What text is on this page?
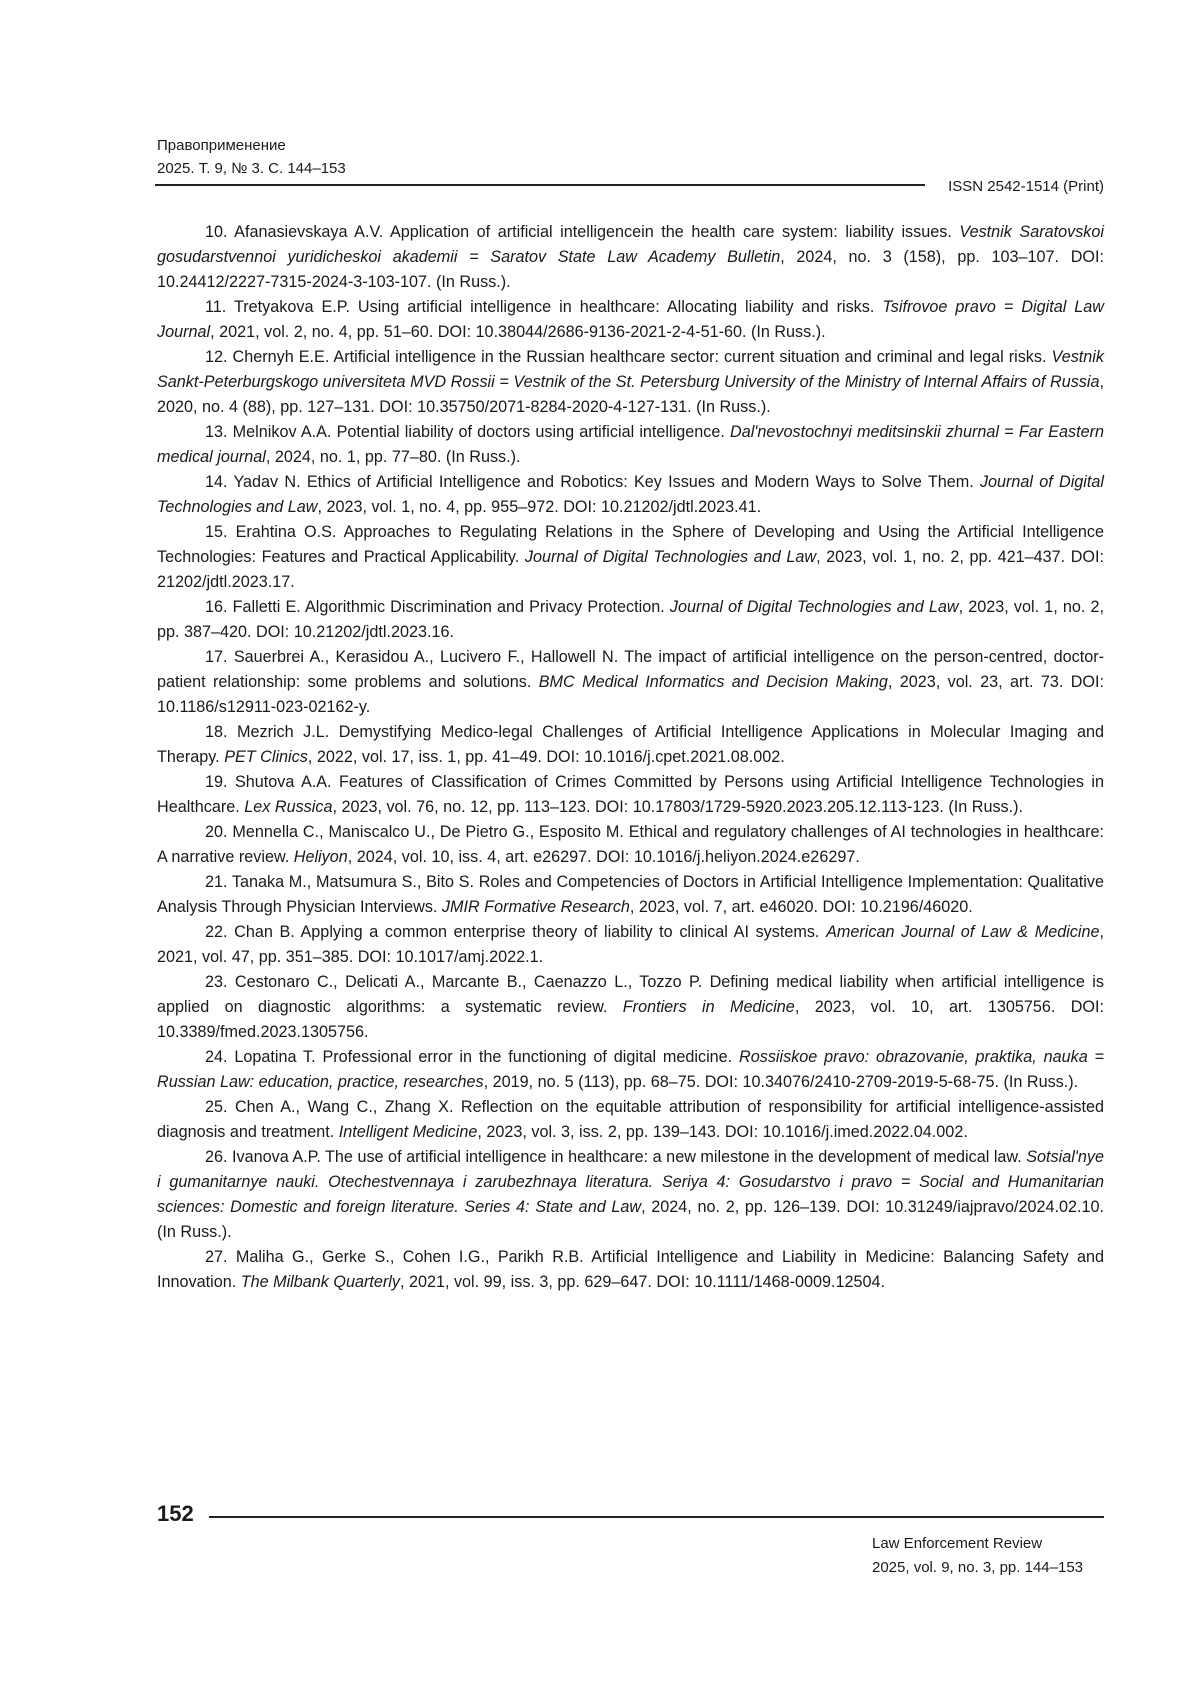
Правоприменение
2025. Т. 9, № 3. С. 144–153
ISSN 2542-1514 (Print)

10. Afanasievskaya A.V. Application of artificial intelligencein the health care system: liability issues. Vestnik Saratovskoi gosudarstvennoi yuridicheskoi akademii = Saratov State Law Academy Bulletin, 2024, no. 3 (158), pp. 103–107. DOI: 10.24412/2227-7315-2024-3-103-107. (In Russ.).

11. Tretyakova E.P. Using artificial intelligence in healthcare: Allocating liability and risks. Tsifrovoe pravo = Digital Law Journal, 2021, vol. 2, no. 4, pp. 51–60. DOI: 10.38044/2686-9136-2021-2-4-51-60. (In Russ.).

12. Chernyh E.E. Artificial intelligence in the Russian healthcare sector: current situation and criminal and legal risks. Vestnik Sankt-Peterburgskogo universiteta MVD Rossii = Vestnik of the St. Petersburg University of the Ministry of Internal Affairs of Russia, 2020, no. 4 (88), pp. 127–131. DOI: 10.35750/2071-8284-2020-4-127-131. (In Russ.).

13. Melnikov A.A. Potential liability of doctors using artificial intelligence. Dal'nevostochnyi meditsinskii zhurnal = Far Eastern medical journal, 2024, no. 1, pp. 77–80. (In Russ.).

14. Yadav N. Ethics of Artificial Intelligence and Robotics: Key Issues and Modern Ways to Solve Them. Journal of Digital Technologies and Law, 2023, vol. 1, no. 4, pp. 955–972. DOI: 10.21202/jdtl.2023.41.

15. Erahtina O.S. Approaches to Regulating Relations in the Sphere of Developing and Using the Artificial Intelligence Technologies: Features and Practical Applicability. Journal of Digital Technologies and Law, 2023, vol. 1, no. 2, pp. 421–437. DOI: 21202/jdtl.2023.17.

16. Falletti E. Algorithmic Discrimination and Privacy Protection. Journal of Digital Technologies and Law, 2023, vol. 1, no. 2, pp. 387–420. DOI: 10.21202/jdtl.2023.16.

17. Sauerbrei A., Kerasidou A., Lucivero F., Hallowell N. The impact of artificial intelligence on the person-centred, doctor-patient relationship: some problems and solutions. BMC Medical Informatics and Decision Making, 2023, vol. 23, art. 73. DOI: 10.1186/s12911-023-02162-y.

18. Mezrich J.L. Demystifying Medico-legal Challenges of Artificial Intelligence Applications in Molecular Imaging and Therapy. PET Clinics, 2022, vol. 17, iss. 1, pp. 41–49. DOI: 10.1016/j.cpet.2021.08.002.

19. Shutova A.A. Features of Classification of Crimes Committed by Persons using Artificial Intelligence Technologies in Healthcare. Lex Russica, 2023, vol. 76, no. 12, pp. 113–123. DOI: 10.17803/1729-5920.2023.205.12.113-123. (In Russ.).

20. Mennella C., Maniscalco U., De Pietro G., Esposito M. Ethical and regulatory challenges of AI technologies in healthcare: A narrative review. Heliyon, 2024, vol. 10, iss. 4, art. e26297. DOI: 10.1016/j.heliyon.2024.e26297.

21. Tanaka M., Matsumura S., Bito S. Roles and Competencies of Doctors in Artificial Intelligence Implementation: Qualitative Analysis Through Physician Interviews. JMIR Formative Research, 2023, vol. 7, art. e46020. DOI: 10.2196/46020.

22. Chan B. Applying a common enterprise theory of liability to clinical AI systems. American Journal of Law & Medicine, 2021, vol. 47, pp. 351–385. DOI: 10.1017/amj.2022.1.

23. Cestonaro C., Delicati A., Marcante B., Caenazzo L., Tozzo P. Defining medical liability when artificial intelligence is applied on diagnostic algorithms: a systematic review. Frontiers in Medicine, 2023, vol. 10, art. 1305756. DOI: 10.3389/fmed.2023.1305756.

24. Lopatina T. Professional error in the functioning of digital medicine. Rossiiskoe pravo: obrazovanie, praktika, nauka = Russian Law: education, practice, researches, 2019, no. 5 (113), pp. 68–75. DOI: 10.34076/2410-2709-2019-5-68-75. (In Russ.).

25. Chen A., Wang C., Zhang X. Reflection on the equitable attribution of responsibility for artificial intelligence-assisted diagnosis and treatment. Intelligent Medicine, 2023, vol. 3, iss. 2, pp. 139–143. DOI: 10.1016/j.imed.2022.04.002.

26. Ivanova A.P. The use of artificial intelligence in healthcare: a new milestone in the development of medical law. Sotsial'nye i gumanitarnye nauki. Otechestvennaya i zarubezhnaya literatura. Seriya 4: Gosudarstvo i pravo = Social and Humanitarian sciences: Domestic and foreign literature. Series 4: State and Law, 2024, no. 2, pp. 126–139. DOI: 10.31249/iajpravo/2024.02.10. (In Russ.).

27. Maliha G., Gerke S., Cohen I.G., Parikh R.B. Artificial Intelligence and Liability in Medicine: Balancing Safety and Innovation. The Milbank Quarterly, 2021, vol. 99, iss. 3, pp. 629–647. DOI: 10.1111/1468-0009.12504.

152
Law Enforcement Review
2025, vol. 9, no. 3, pp. 144–153
